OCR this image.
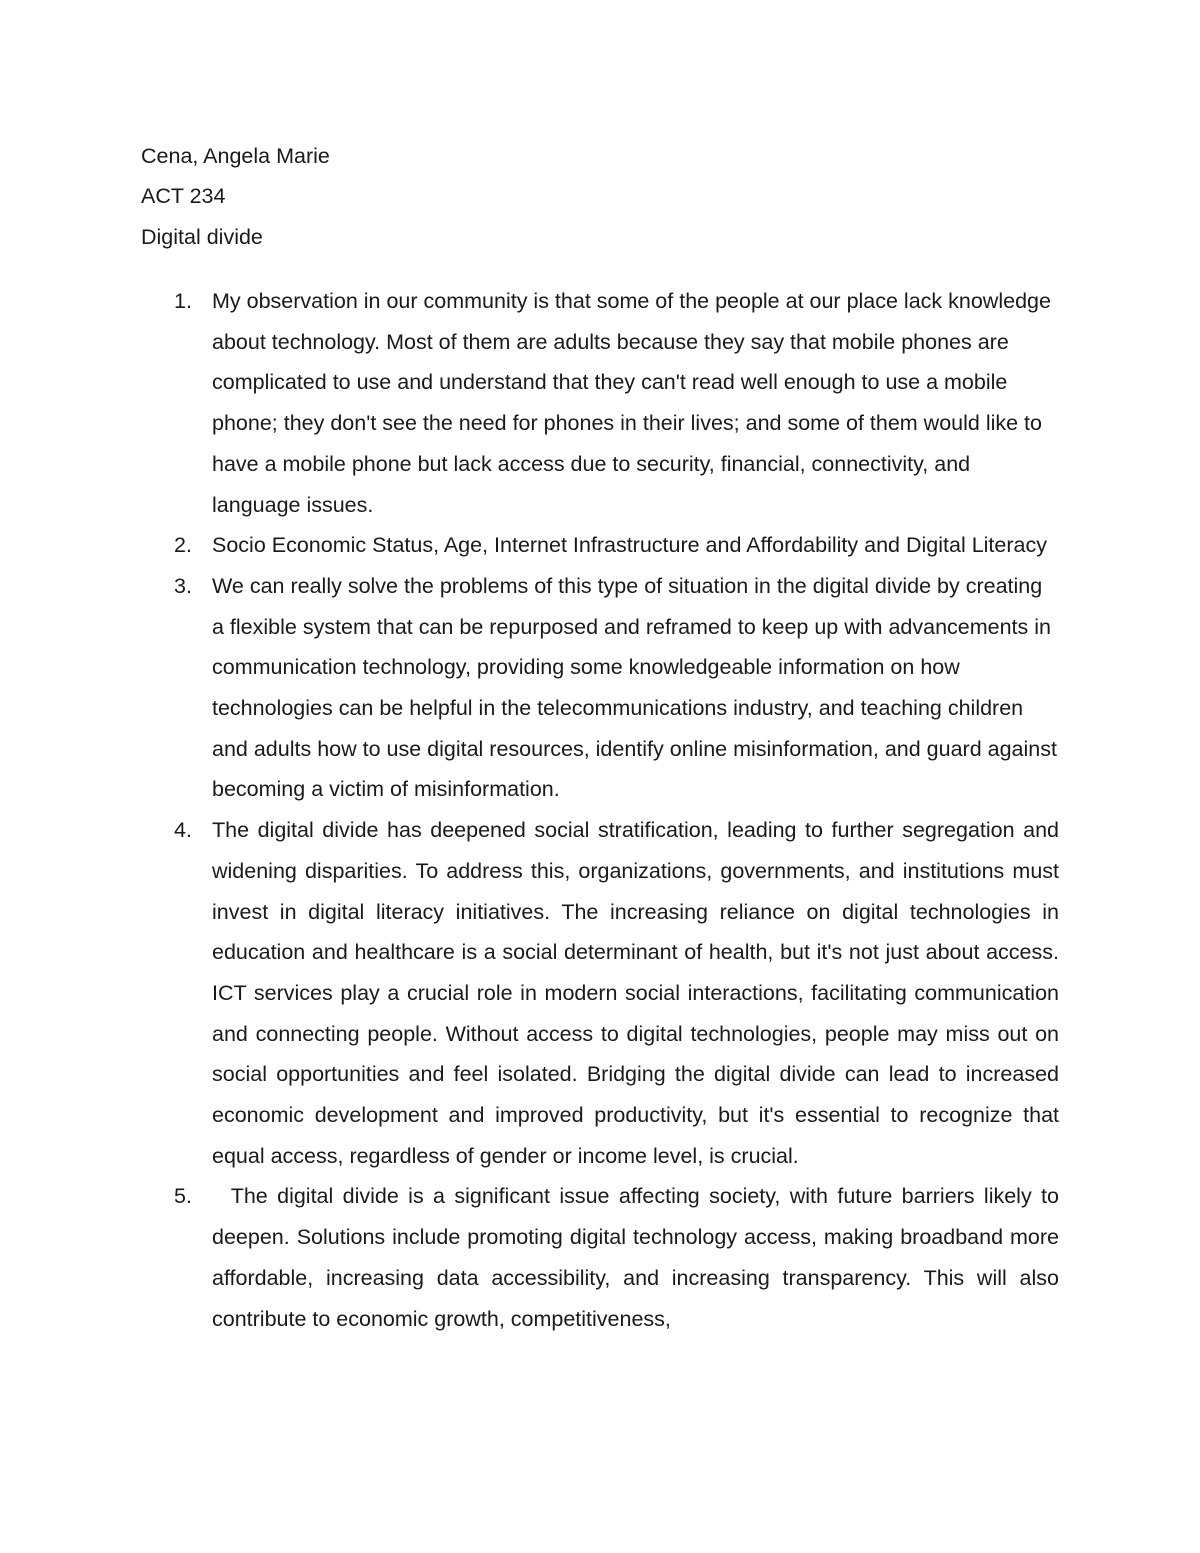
Cena, Angela Marie
ACT 234
Digital divide
1. My observation in our community is that some of the people at our place lack knowledge about technology. Most of them are adults because they say that mobile phones are complicated to use and understand that they can't read well enough to use a mobile phone; they don't see the need for phones in their lives; and some of them would like to have a mobile phone but lack access due to security, financial, connectivity, and language issues.
2. Socio Economic Status, Age, Internet Infrastructure and Affordability and Digital Literacy
3. We can really solve the problems of this type of situation in the digital divide by creating a flexible system that can be repurposed and reframed to keep up with advancements in communication technology, providing some knowledgeable information on how technologies can be helpful in the telecommunications industry, and teaching children and adults how to use digital resources, identify online misinformation, and guard against becoming a victim of misinformation.
4. The digital divide has deepened social stratification, leading to further segregation and widening disparities. To address this, organizations, governments, and institutions must invest in digital literacy initiatives. The increasing reliance on digital technologies in education and healthcare is a social determinant of health, but it's not just about access. ICT services play a crucial role in modern social interactions, facilitating communication and connecting people. Without access to digital technologies, people may miss out on social opportunities and feel isolated. Bridging the digital divide can lead to increased economic development and improved productivity, but it's essential to recognize that equal access, regardless of gender or income level, is crucial.
5. The digital divide is a significant issue affecting society, with future barriers likely to deepen. Solutions include promoting digital technology access, making broadband more affordable, increasing data accessibility, and increasing transparency. This will also contribute to economic growth, competitiveness,
